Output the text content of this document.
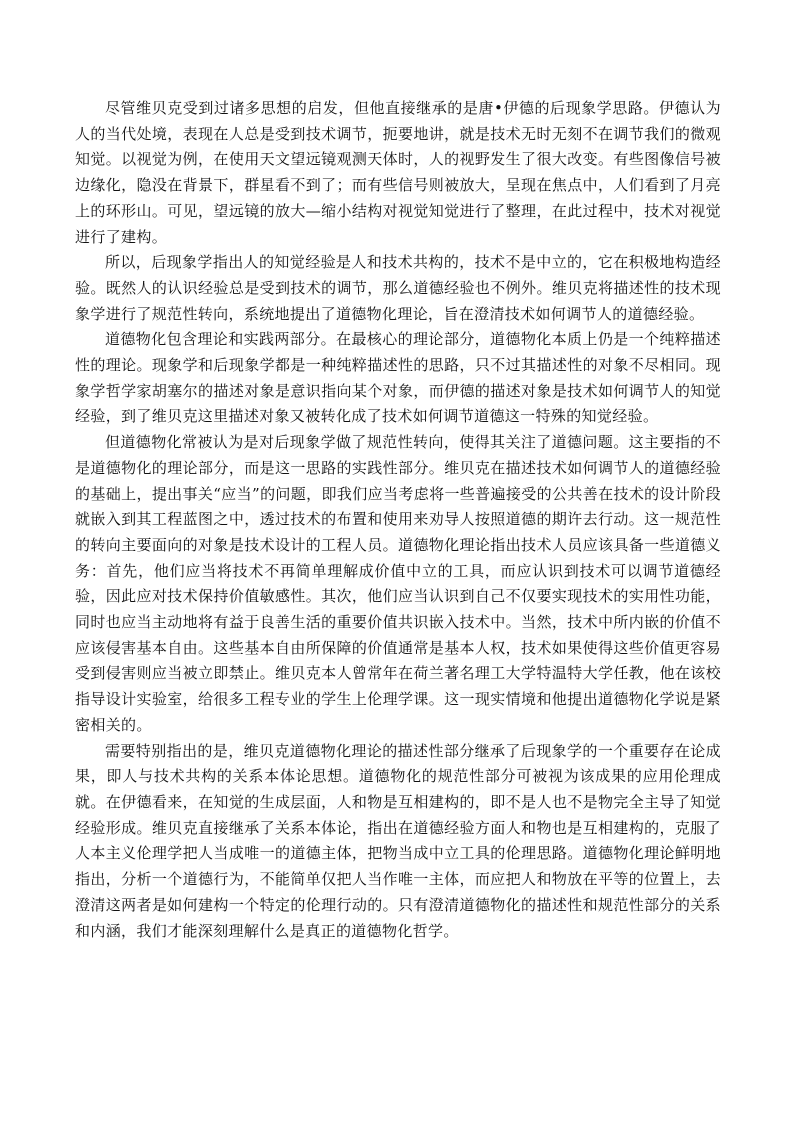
尽管维贝克受到过诸多思想的启发，但他直接继承的是唐•伊德的后现象学思路。伊德认为人的当代处境，表现在人总是受到技术调节，扼要地讲，就是技术无时无刻不在调节我们的微观知觉。以视觉为例，在使用天文望远镜观测天体时，人的视野发生了很大改变。有些图像信号被边缘化，隐没在背景下，群星看不到了；而有些信号则被放大，呈现在焦点中，人们看到了月亮上的环形山。可见，望远镜的放大—缩小结构对视觉知觉进行了整理，在此过程中，技术对视觉进行了建构。

所以，后现象学指出人的知觉经验是人和技术共构的，技术不是中立的，它在积极地构造经验。既然人的认识经验总是受到技术的调节，那么道德经验也不例外。维贝克将描述性的技术现象学进行了规范性转向，系统地提出了道德物化理论，旨在澄清技术如何调节人的道德经验。

道德物化包含理论和实践两部分。在最核心的理论部分，道德物化本质上仍是一个纯粹描述性的理论。现象学和后现象学都是一种纯粹描述性的思路，只不过其描述性的对象不尽相同。现象学哲学家胡塞尔的描述对象是意识指向某个对象，而伊德的描述对象是技术如何调节人的知觉经验，到了维贝克这里描述对象又被转化成了技术如何调节道德这一特殊的知觉经验。

但道德物化常被认为是对后现象学做了规范性转向，使得其关注了道德问题。这主要指的不是道德物化的理论部分，而是这一思路的实践性部分。维贝克在描述技术如何调节人的道德经验的基础上，提出事关“应当”的问题，即我们应当考虑将一些普遍接受的公共善在技术的设计阶段就嵌入到其工程蓝图之中，透过技术的布置和使用来劝导人按照道德的期许去行动。这一规范性的转向主要面向的对象是技术设计的工程人员。道德物化理论指出技术人员应该具备一些道德义务：首先，他们应当将技术不再简单理解成价值中立的工具，而应认识到技术可以调节道德经验，因此应对技术保持价值敏感性。其次，他们应当认识到自己不仅要实现技术的实用性功能，同时也应当主动地将有益于良善生活的重要价值共识嵌入技术中。当然，技术中所内嵌的价值不应该侵害基本自由。这些基本自由所保障的价值通常是基本人权，技术如果使得这些价值更容易受到侵害则应当被立即禁止。维贝克本人曾常年在荷兰著名理工大学特温特大学任教，他在该校指导设计实验室，给很多工程专业的学生上伦理学课。这一现实情境和他提出道德物化学说是紧密相关的。

需要特别指出的是，维贝克道德物化理论的描述性部分继承了后现象学的一个重要存在论成果，即人与技术共构的关系本体论思想。道德物化的规范性部分可被视为该成果的应用伦理成就。在伊德看来，在知觉的生成层面，人和物是互相建构的，即不是人也不是物完全主导了知觉经验形成。维贝克直接继承了关系本体论，指出在道德经验方面人和物也是互相建构的，克服了人本主义伦理学把人当成唯一的道德主体，把物当成中立工具的伦理思路。道德物化理论鲜明地指出，分析一个道德行为，不能简单仅把人当作唯一主体，而应把人和物放在平等的位置上，去澄清这两者是如何建构一个特定的伦理行动的。只有澄清道德物化的描述性和规范性部分的关系和内涵，我们才能深刻理解什么是真正的道德物化哲学。
